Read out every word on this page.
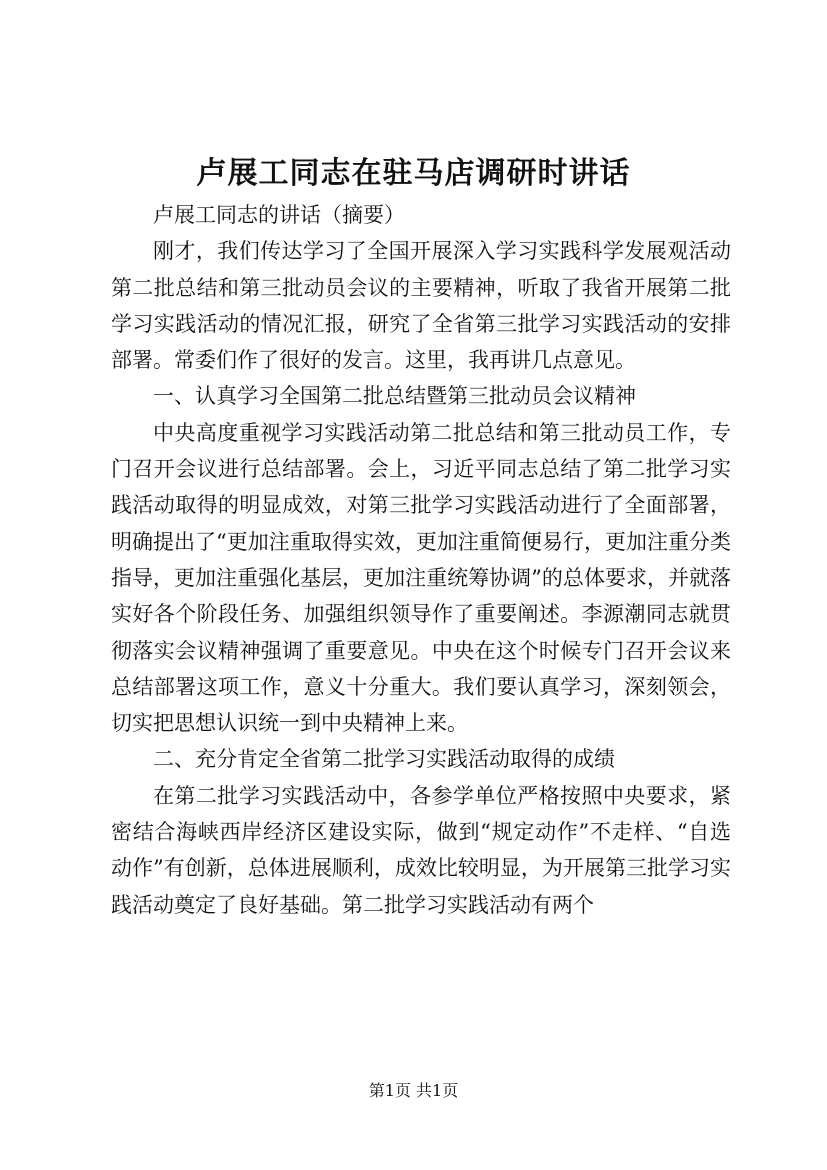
卢展工同志在驻马店调研时讲话

卢展工同志的讲话（摘要）

刚才，我们传达学习了全国开展深入学习实践科学发展观活动第二批总结和第三批动员会议的主要精神，听取了我省开展第二批学习实践活动的情况汇报，研究了全省第三批学习实践活动的安排部署。常委们作了很好的发言。这里，我再讲几点意见。

一、认真学习全国第二批总结暨第三批动员会议精神

中央高度重视学习实践活动第二批总结和第三批动员工作，专门召开会议进行总结部署。会上，习近平同志总结了第二批学习实践活动取得的明显成效，对第三批学习实践活动进行了全面部署，明确提出了“更加注重取得实效，更加注重简便易行，更加注重分类指导，更加注重强化基层，更加注重统筹协调”的总体要求，并就落实好各个阶段任务、加强组织领导作了重要阐述。李源潮同志就贯彻落实会议精神强调了重要意见。中央在这个时候专门召开会议来总结部署这项工作，意义十分重大。我们要认真学习，深刻领会，切实把思想认识统一到中央精神上来。

二、充分肯定全省第二批学习实践活动取得的成绩

在第二批学习实践活动中，各参学单位严格按照中央要求，紧密结合海峡西岸经济区建设实际，做到“规定动作”不走样、“自选动作”有创新，总体进展顺利，成效比较明显，为开展第三批学习实践活动奠定了良好基础。第二批学习实践活动有两个

第1页 共1页
